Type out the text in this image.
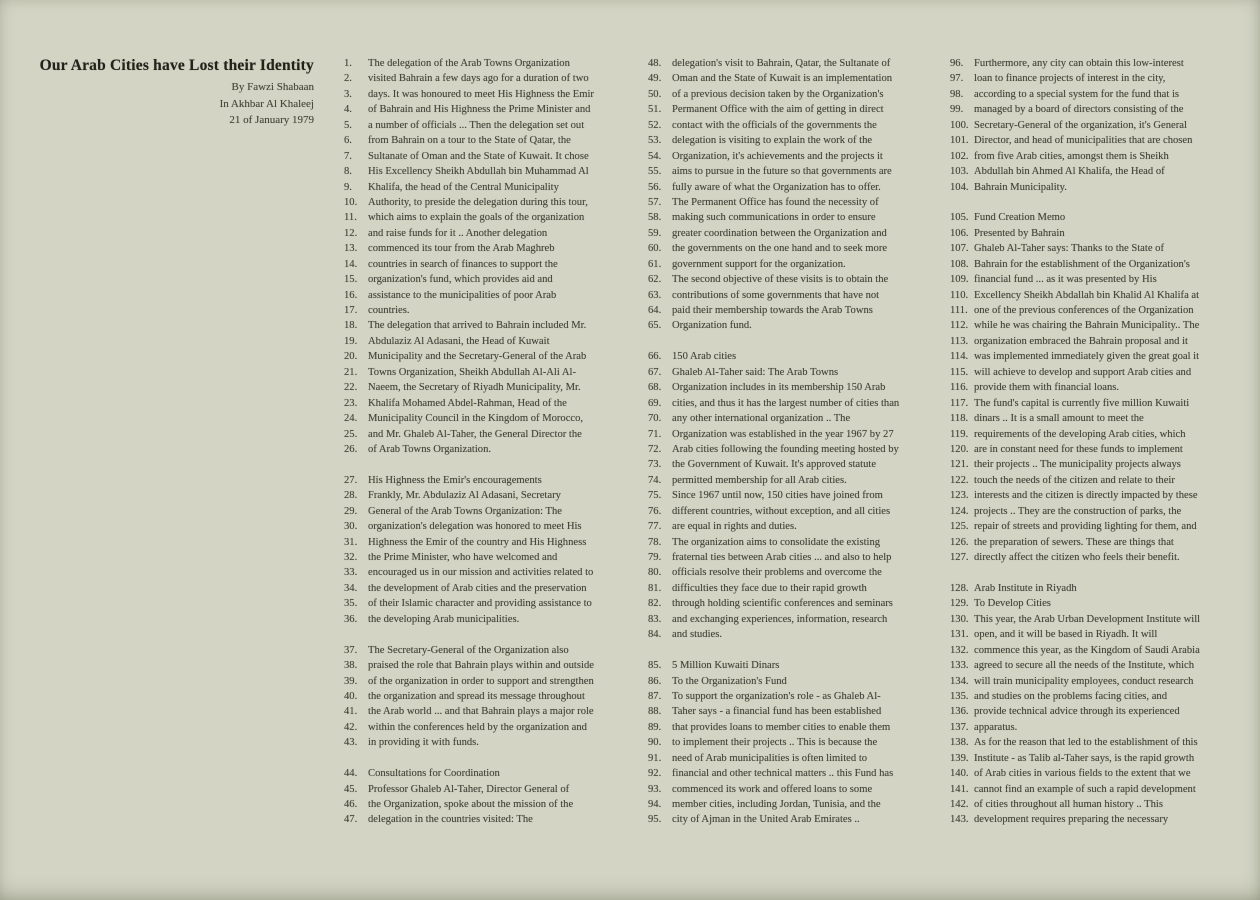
Our Arab Cities have Lost their Identity
By Fawzi Shabaan
In Akhbar Al Khaleej
21 of January 1979
1.	The delegation of the Arab Towns Organization
2.	visited Bahrain a few days ago for a duration of two
3.	days. It was honoured to meet His Highness the Emir
4.	of Bahrain and His Highness the Prime Minister and
5.	a number of officials ... Then the delegation set out
6.	from Bahrain on a tour to the State of Qatar, the
7.	Sultanate of Oman and the State of Kuwait. It chose
8.	His Excellency Sheikh Abdullah bin Muhammad Al
9.	Khalifa, the head of the Central Municipality
10.	Authority, to preside the delegation during this tour,
11.	which aims to explain the goals of the organization
12.	and raise funds for it .. Another delegation
13.	commenced its tour from the Arab Maghreb
14.	countries in search of finances to support the
15.	organization's fund, which provides aid and
16.	assistance to the municipalities of poor Arab
17.	countries.
18.	The delegation that arrived to Bahrain included Mr.
19.	Abdulaziz Al Adasani, the Head of Kuwait
20.	Municipality and the Secretary-General of the Arab
21.	Towns Organization, Sheikh Abdullah Al-Ali Al-
22.	Naeem, the Secretary of Riyadh Municipality, Mr.
23.	Khalifa Mohamed Abdel-Rahman, Head of the
24.	Municipality Council in the Kingdom of Morocco,
25.	and Mr. Ghaleb Al-Taher, the General Director the
26.	of Arab Towns Organization.
27.	His Highness the Emir's encouragements
28.	Frankly, Mr. Abdulaziz Al Adasani, Secretary
29.	General of the Arab Towns Organization: The
30.	organization's delegation was honored to meet His
31.	Highness the Emir of the country and His Highness
32.	the Prime Minister, who have welcomed and
33.	encouraged us in our mission and activities related to
34.	the development of Arab cities and the preservation
35.	of their Islamic character and providing assistance to
36.	the developing Arab municipalities.
37.	The Secretary-General of the Organization also
38.	praised the role that Bahrain plays within and outside
39.	of the organization in order to support and strengthen
40.	the organization and spread its message throughout
41.	the Arab world ... and that Bahrain plays a major role
42.	within the conferences held by the organization and
43.	in providing it with funds.
44.	Consultations for Coordination
45.	Professor Ghaleb Al-Taher, Director General of
46.	the Organization, spoke about the mission of the
47.	delegation in the countries visited: The
48.	delegation's visit to Bahrain, Qatar, the Sultanate of
49.	Oman and the State of Kuwait is an implementation
50.	of a previous decision taken by the Organization's
51.	Permanent Office with the aim of getting in direct
52.	contact with the officials of the governments the
53.	delegation is visiting to explain the work of the
54.	Organization, it's achievements and the projects it
55.	aims to pursue in the future so that governments are
56.	fully aware of what the Organization has to offer.
57.	The Permanent Office has found the necessity of
58.	making such communications in order to ensure
59.	greater coordination between the Organization and
60.	the governments on the one hand and to seek more
61.	government support for the organization.
62.	The second objective of these visits is to obtain the
63.	contributions of some governments that have not
64.	paid their membership towards the Arab Towns
65.	Organization fund.
66.	150 Arab cities
67.	Ghaleb Al-Taher said: The Arab Towns
68.	Organization includes in its membership 150 Arab
69.	cities, and thus it has the largest number of cities than
70.	any other international organization .. The
71.	Organization was established in the year 1967 by 27
72.	Arab cities following the founding meeting hosted by
73.	the Government of Kuwait. It's approved statute
74.	permitted membership for all Arab cities.
75.	Since 1967 until now, 150 cities have joined from
76.	different countries, without exception, and all cities
77.	are equal in rights and duties.
78.	The organization aims to consolidate the existing
79.	fraternal ties between Arab cities ... and also to help
80.	officials resolve their problems and overcome the
81.	difficulties they face due to their rapid growth
82.	through holding scientific conferences and seminars
83.	and exchanging experiences, information, research
84.	and studies.
85.	5 Million Kuwaiti Dinars
86.	To the Organization's Fund
87.	To support the organization's role - as Ghaleb Al-
88.	Taher says - a financial fund has been established
89.	that provides loans to member cities to enable them
90.	to implement their projects .. This is because the
91.	need of Arab municipalities is often limited to
92.	financial and other technical matters .. this Fund has
93.	commenced its work and offered loans to some
94.	member cities, including Jordan, Tunisia, and the
95.	city of Ajman in the United Arab Emirates ..
96.	Furthermore, any city can obtain this low-interest
97.	loan to finance projects of interest in the city,
98.	according to a special system for the fund that is
99.	managed by a board of directors consisting of the
100. Secretary-General of the organization, it's General
101. Director, and head of municipalities that are chosen
102. from five Arab cities, amongst them is Sheikh
103. Abdullah bin Ahmed Al Khalifa, the Head of
104. Bahrain Municipality.
105. Fund Creation Memo
106. Presented by Bahrain
107. Ghaleb Al-Taher says: Thanks to the State of
108. Bahrain for the establishment of the Organization's
109. financial fund ... as it was presented by His
110. Excellency Sheikh Abdallah bin Khalid Al Khalifa at
111. one of the previous conferences of the Organization
112. while he was chairing the Bahrain Municipality.. The
113. organization embraced the Bahrain proposal and it
114. was implemented immediately given the great goal it
115. will achieve to develop and support Arab cities and
116. provide them with financial loans.
117. The fund's capital is currently five million Kuwaiti
118. dinars .. It is a small amount to meet the
119. requirements of the developing Arab cities, which
120. are in constant need for these funds to implement
121. their projects .. The municipality projects always
122. touch the needs of the citizen and relate to their
123. interests and the citizen is directly impacted by these
124. projects .. They are the construction of parks, the
125. repair of streets and providing lighting for them, and
126. the preparation of sewers. These are things that
127. directly affect the citizen who feels their benefit.
128. Arab Institute in Riyadh
129. To Develop Cities
130. This year, the Arab Urban Development Institute will
131. open, and it will be based in Riyadh. It will
132. commence this year, as the Kingdom of Saudi Arabia
133. agreed to secure all the needs of the Institute, which
134. will train municipality employees, conduct research
135. and studies on the problems facing cities, and
136. provide technical advice through its experienced
137. apparatus.
138. As for the reason that led to the establishment of this
139. Institute - as Talib al-Taher says, is the rapid growth
140. of Arab cities in various fields to the extent that we
141. cannot find an example of such a rapid development
142. of cities throughout all human history .. This
143. development requires preparing the necessary
